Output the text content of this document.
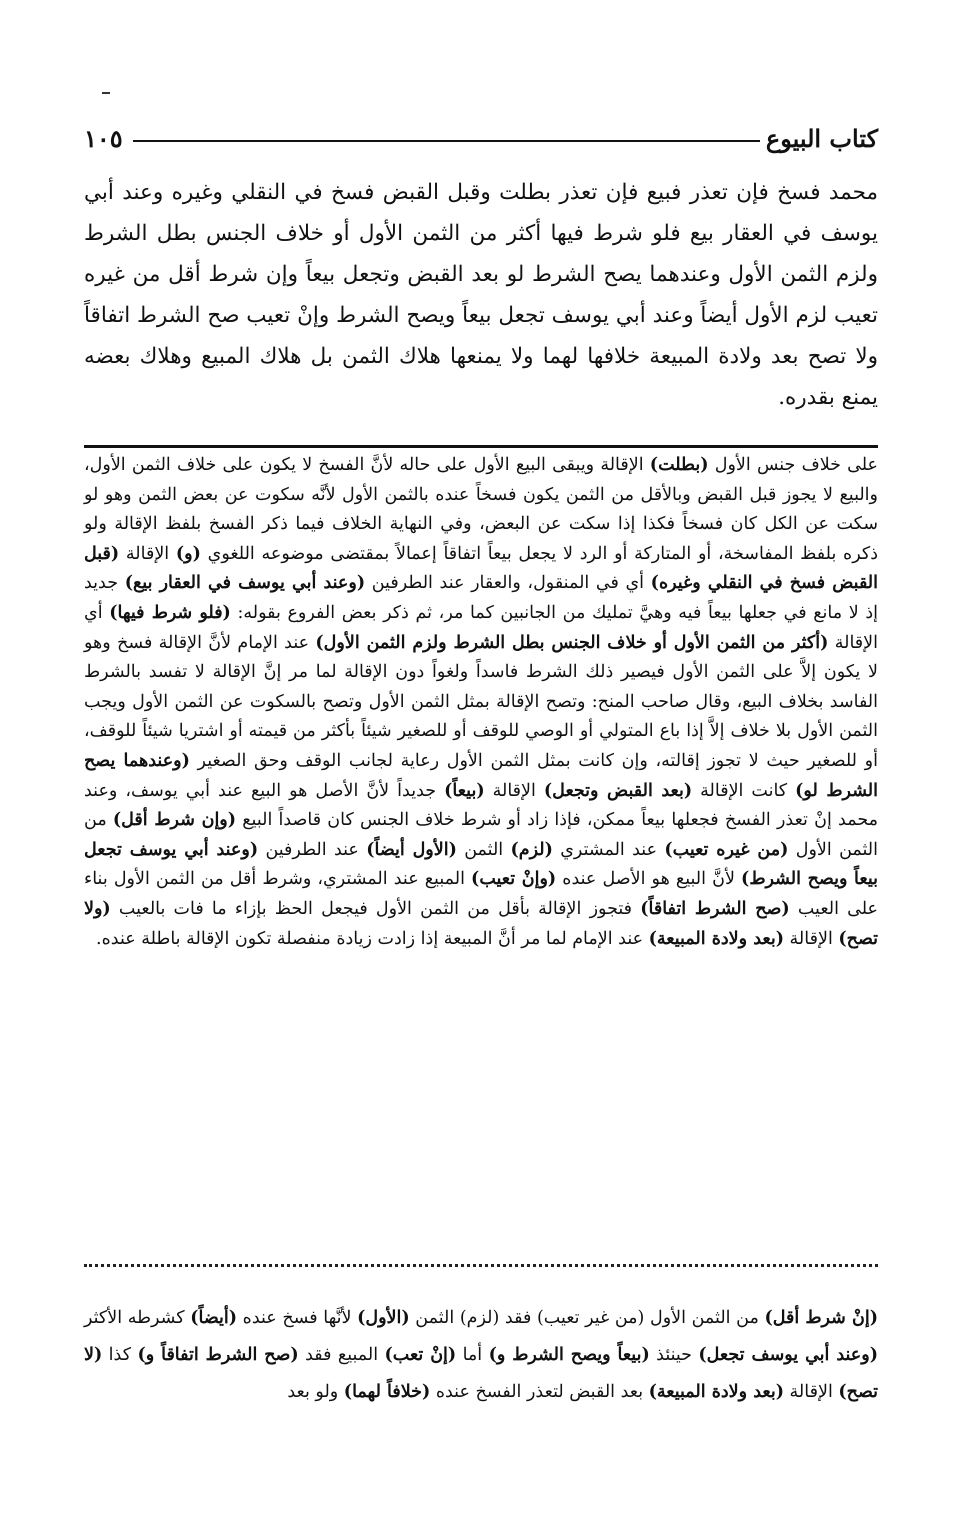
كتاب البيوع
١٠٥
محمد فسخ فإن تعذر فبيع فإن تعذر بطلت وقبل القبض فسخ في النقلي وغيره وعند أبي يوسف في العقار بيع فلو شرط فيها أكثر من الثمن الأول أو خلاف الجنس بطل الشرط ولزم الثمن الأول وعندهما يصح الشرط لو بعد القبض وتجعل بيعاً وإن شرط أقل من غيره تعيب لزم الأول أيضاً وعند أبي يوسف تجعل بيعاً ويصح الشرط وإنْ تعيب صح الشرط اتفاقاً ولا تصح بعد ولادة المبيعة خلافها لهما ولا يمنعها هلاك الثمن بل هلاك المبيع وهلاك بعضه يمنع بقدره.
على خلاف جنس الأول (بطلت) الإقالة ويبقى البيع الأول على حاله لأنَّ الفسخ لا يكون على خلاف الثمن الأول، والبيع لا يجوز قبل القبض وبالأقل من الثمن يكون فسخاً عنده بالثمن الأول لأنَّه سكوت عن بعض الثمن وهو لو سكت عن الكل كان فسخاً فكذا إذا سكت عن البعض، وفي النهاية الخلاف فيما ذكر الفسخ بلفظ الإقالة ولو ذكره بلفظ المفاسخة، أو المتاركة أو الرد لا يجعل بيعاً اتفاقاً إعمالاً بمقتضى موضوعه اللغوي (و) الإقالة (قبل القبض فسخ في النقلي وغيره) أي في المنقول، والعقار عند الطرفين (وعند أبي يوسف في العقار بيع) جديد إذ لا مانع في جعلها بيعاً فيه وهيَّ تمليك من الجانبين كما مر، ثم ذكر بعض الفروع بقوله: (فلو شرط فيها) أي الإقالة (أكثر من الثمن الأول أو خلاف الجنس بطل الشرط ولزم الثمن الأول) عند الإمام لأنَّ الإقالة فسخ وهو لا يكون إلاَّ على الثمن الأول فيصير ذلك الشرط فاسداً ولغواً دون الإقالة لما مر إنَّ الإقالة لا تفسد بالشرط الفاسد بخلاف البيع، وقال صاحب المنح: وتصح الإقالة بمثل الثمن الأول وتصح بالسكوت عن الثمن الأول ويجب الثمن الأول بلا خلاف إلاَّ إذا باع المتولي أو الوصي للوقف أو للصغير شيئاً بأكثر من قيمته أو اشتريا شيئاً للوقف، أو للصغير حيث لا تجوز إقالته، وإن كانت بمثل الثمن الأول رعاية لجانب الوقف وحق الصغير (وعندهما يصح الشرط لو) كانت الإقالة (بعد القبض وتجعل) الإقالة (بيعاً) جديداً لأنَّ الأصل هو البيع عند أبي يوسف، وعند محمد إنْ تعذر الفسخ فجعلها بيعاً ممكن، فإذا زاد أو شرط خلاف الجنس كان قاصداً البيع (وإن شرط أقل) من الثمن الأول (من غيره تعيب) عند المشتري (لزم) الثمن (الأول أيضاً) عند الطرفين (وعند أبي يوسف تجعل بيعاً ويصح الشرط) لأنَّ البيع هو الأصل عنده (وإنْ تعيب) المبيع عند المشتري، وشرط أقل من الثمن الأول بناء على العيب (صح الشرط اتفاقاً) فتجوز الإقالة بأقل من الثمن الأول فيجعل الحظ بإزاء ما فات بالعيب (ولا تصح) الإقالة (بعد ولادة المبيعة) عند الإمام لما مر أنَّ المبيعة إذا زادت زيادة منفصلة تكون الإقالة باطلة عنده.
(إنْ شرط أقل) من الثمن الأول (من غير تعيب) فقد (لزم) الثمن (الأول) لأنَّها فسخ عنده (أيضاً) كشرطه الأكثر (وعند أبي يوسف تجعل) حينئذ (بيعاً ويصح الشرط و) أما (إنْ تعب) المبيع فقد (صح الشرط اتفاقاً و) كذا (لا تصح) الإقالة (بعد ولادة المبيعة) بعد القبض لتعذر الفسخ عنده (خلافاً لهما) ولو بعد
